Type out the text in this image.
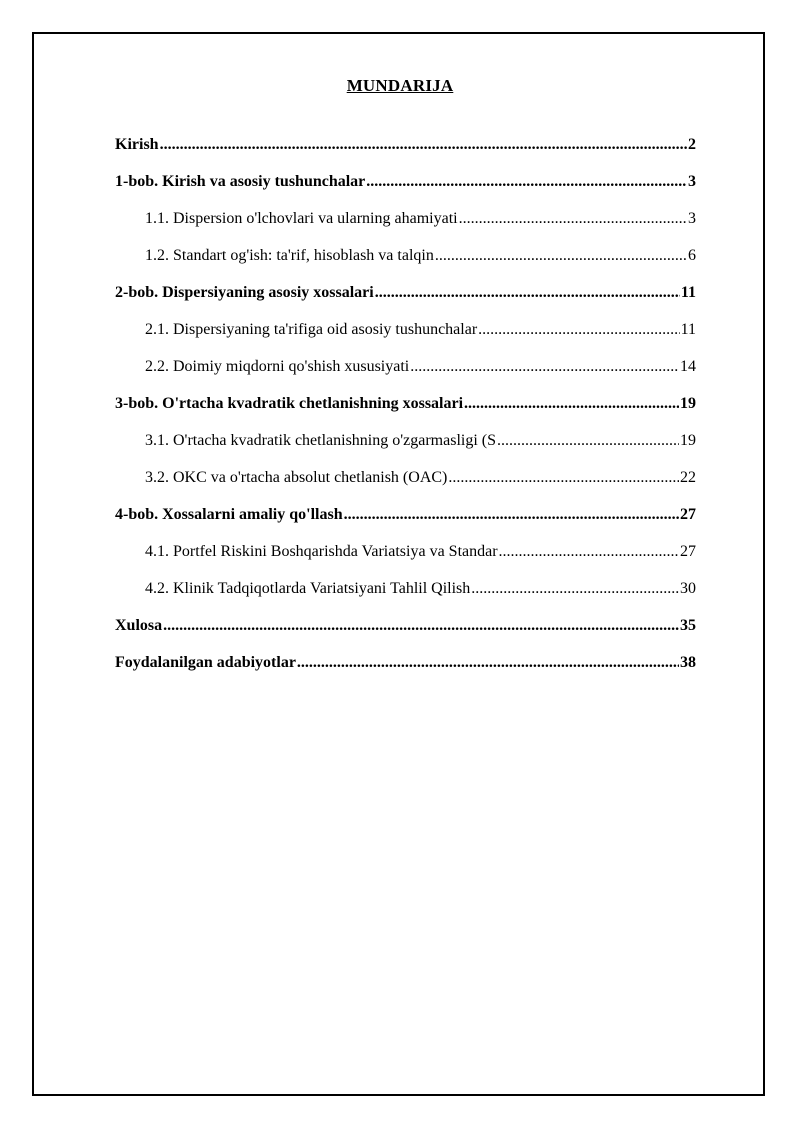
MUNDARIJA
Kirish .....	2
1-bob. Kirish va asosiy tushunchalar .....	3
1.1. Dispersion o'lchovlari va ularning ahamiyati .....	3
1.2. Standart og'ish: ta'rif, hisoblash va talqin .....	6
2-bob. Dispersiyaning asosiy xossalari .....	11
2.1. Dispersiyaning ta'rifiga oid asosiy tushunchalar .....	11
2.2. Doimiy miqdorni qo'shish xususiyati .....	14
3-bob. O'rtacha kvadratik chetlanishning xossalari .....	19
3.1. O'rtacha kvadratik chetlanishning o'zgarmasligi (S .....	19
3.2. OKC va o'rtacha absolut chetlanish (OAC) .....	22
4-bob. Xossalarni amaliy qo'llash .....	27
4.1. Portfel Riskini Boshqarishda Variatsiya va Standar .....	27
4.2. Klinik Tadqiqotlarda Variatsiyani Tahlil Qilish .....	30
Xulosa .....	35
Foydalanilgan adabiyotlar .....	38
